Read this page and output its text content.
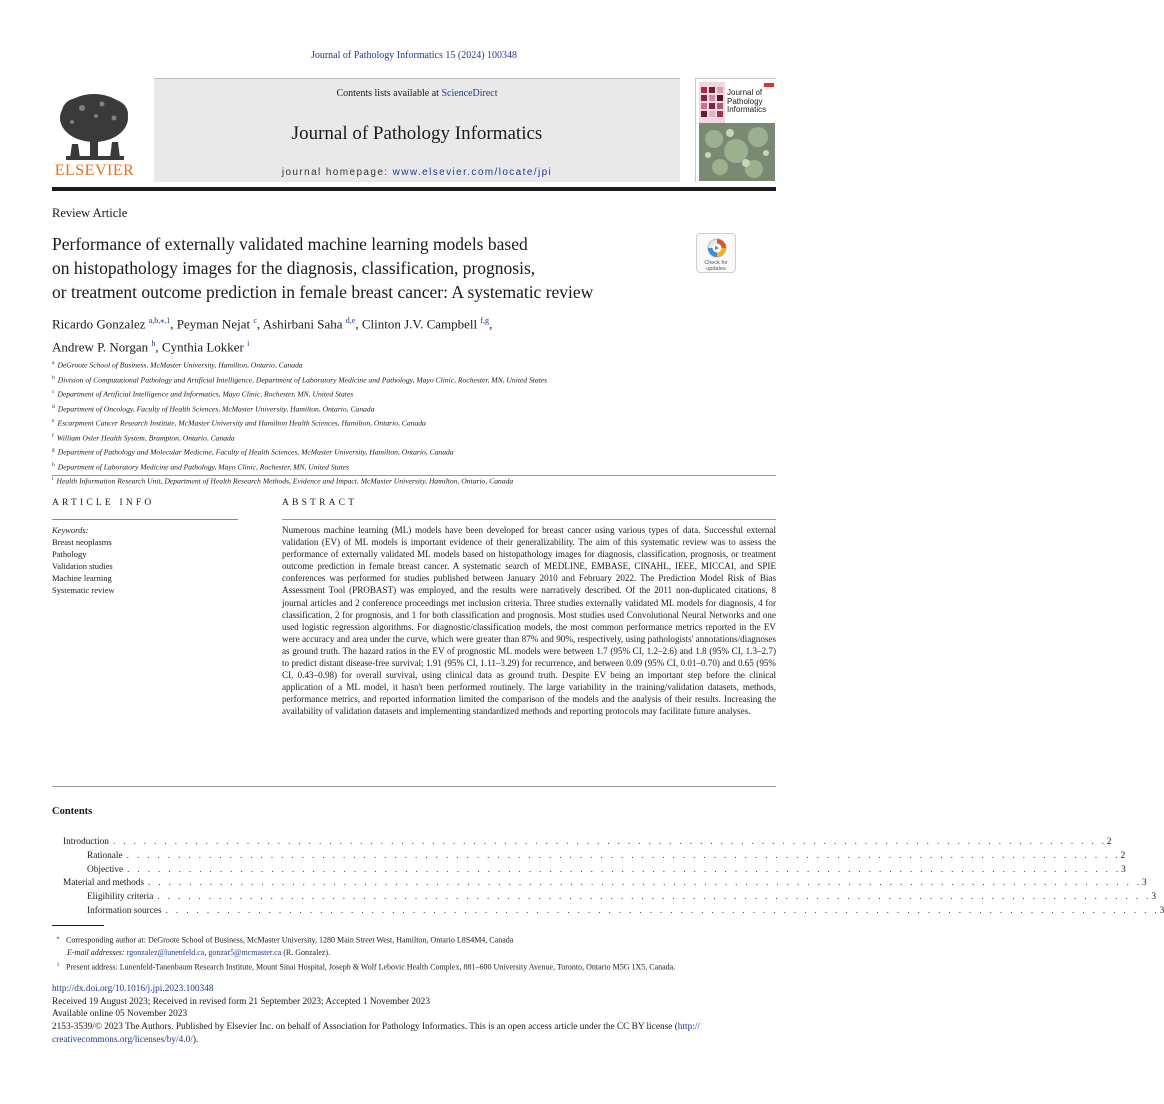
Journal of Pathology Informatics 15 (2024) 100348
ELSEVIER
Contents lists available at ScienceDirect
Journal of Pathology Informatics
journal homepage: www.elsevier.com/locate/jpi
Journal of
Pathology
Informatics
Review Article
Performance of externally validated machine learning models based
on histopathology images for the diagnosis, classification, prognosis,
or treatment outcome prediction in female breast cancer: A systematic review
Check for
updates
Ricardo Gonzalez $^{a,b,⁎,1}$, Peyman Nejat $^c$, Ashirbani Saha $^{d,e}$, Clinton J.V. Campbell $^{f,g}$,
Andrew P. Norgan $^h$, Cynthia Lokker $^i$
$^a$ DeGroote School of Business, McMaster University, Hamilton, Ontario, Canada
$^b$ Division of Computational Pathology and Artificial Intelligence, Department of Laboratory Medicine and Pathology, Mayo Clinic, Rochester, MN, United States
$^c$ Department of Artificial Intelligence and Informatics, Mayo Clinic, Rochester, MN, United States
$^d$ Department of Oncology, Faculty of Health Sciences, McMaster University, Hamilton, Ontario, Canada
$^e$ Escarpment Cancer Research Institute, McMaster University and Hamilton Health Sciences, Hamilton, Ontario, Canada
$^f$ William Osler Health System, Brampton, Ontario, Canada
$^g$ Department of Pathology and Molecular Medicine, Faculty of Health Sciences, McMaster University, Hamilton, Ontario, Canada
$^h$ Department of Laboratory Medicine and Pathology, Mayo Clinic, Rochester, MN, United States
$^i$ Health Information Research Unit, Department of Health Research Methods, Evidence and Impact, McMaster University, Hamilton, Ontario, Canada
ARTICLE INFO
Keywords:
Breast neoplasms
Pathology
Validation studies
Machine learning
Systematic review
ABSTRACT
Numerous machine learning (ML) models have been developed for breast cancer using various types of data. Successful external validation (EV) of ML models is important evidence of their generalizability. The aim of this systematic review was to assess the performance of externally validated ML models based on histopathology images for diagnosis, classification, prognosis, or treatment outcome prediction in female breast cancer. A systematic search of MEDLINE, EMBASE, CINAHL, IEEE, MICCAI, and SPIE conferences was performed for studies published between January 2010 and February 2022. The Prediction Model Risk of Bias Assessment Tool (PROBAST) was employed, and the results were narratively described. Of the 2011 non-duplicated citations, 8 journal articles and 2 conference proceedings met inclusion criteria. Three studies externally validated ML models for diagnosis, 4 for classification, 2 for prognosis, and 1 for both classification and prognosis. Most studies used Convolutional Neural Networks and one used logistic regression algorithms. For diagnostic/classification models, the most common performance metrics reported in the EV were accuracy and area under the curve, which were greater than 87% and 90%, respectively, using pathologists' annotations/diagnoses as ground truth. The hazard ratios in the EV of prognostic ML models were between 1.7 (95% CI, 1.2–2.6) and 1.8 (95% CI, 1.3–2.7) to predict distant disease-free survival; 1.91 (95% CI, 1.11–3.29) for recurrence, and between 0.09 (95% CI, 0.01–0.70) and 0.65 (95% CI, 0.43–0.98) for overall survival, using clinical data as ground truth. Despite EV being an important step before the clinical application of a ML model, it hasn't been performed routinely. The large variability in the training/validation datasets, methods, performance metrics, and reported information limited the comparison of the models and the analysis of their results. Increasing the availability of validation datasets and implementing standardized methods and reporting protocols may facilitate future analyses.
Contents
Introduction . . . . . . . . . . . . . . . . . . . . . . . . . . . . . . . . . . . . . . . . . . . . . . . . . . . . . . . . . . . . . . . . . . . . . . . . . . . . . . . . . . . . . . . . . . . . . . . . . 2
Rationale . . . . . . . . . . . . . . . . . . . . . . . . . . . . . . . . . . . . . . . . . . . . . . . . . . . . . . . . . . . . . . . . . . . . . . . . . . . . . . . . . . . . . . . . . . . . . . . . . 2
Objective . . . . . . . . . . . . . . . . . . . . . . . . . . . . . . . . . . . . . . . . . . . . . . . . . . . . . . . . . . . . . . . . . . . . . . . . . . . . . . . . . . . . . . . . . . . . . . . . . 3
Material and methods . . . . . . . . . . . . . . . . . . . . . . . . . . . . . . . . . . . . . . . . . . . . . . . . . . . . . . . . . . . . . . . . . . . . . . . . . . . . . . . . . . . . . . . . . . . . . . . . . 3
Eligibility criteria . . . . . . . . . . . . . . . . . . . . . . . . . . . . . . . . . . . . . . . . . . . . . . . . . . . . . . . . . . . . . . . . . . . . . . . . . . . . . . . . . . . . . . . . . . . . . . . . . 3
Information sources . . . . . . . . . . . . . . . . . . . . . . . . . . . . . . . . . . . . . . . . . . . . . . . . . . . . . . . . . . . . . . . . . . . . . . . . . . . . . . . . . . . . . . . . . . . . . . . . . 3
⁎ Corresponding author at: DeGroote School of Business, McMaster University, 1280 Main Street West, Hamilton, Ontario L8S4M4, Canada
E-mail addresses: rgonzalez@lunenfeld.ca, gonzar5@mcmaster.ca (R. Gonzalez).
$^1$ Present address: Lunenfeld-Tanenbaum Research Institute, Mount Sinai Hospital, Joseph & Wolf Lebovic Health Complex, 881–600 University Avenue, Toronto, Ontario M5G 1X5, Canada.
http://dx.doi.org/10.1016/j.jpi.2023.100348
Received 19 August 2023; Received in revised form 21 September 2023; Accepted 1 November 2023
Available online 05 November 2023
2153-3539/© 2023 The Authors. Published by Elsevier Inc. on behalf of Association for Pathology Informatics. This is an open access article under the CC BY license (http://
creativecommons.org/licenses/by/4.0/).
